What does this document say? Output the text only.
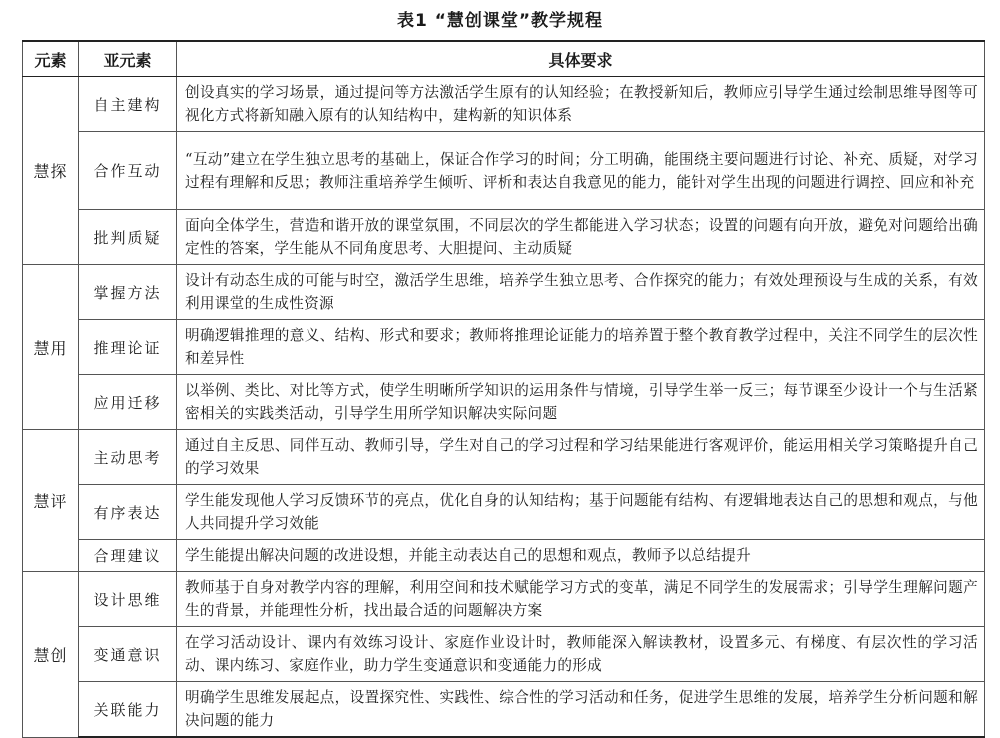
表1 “慧创课堂”教学规程
元素	亚元素	具体要求
慧探	自主建构	创设真实的学习场景，通过提问等方法激活学生原有的认知经验；在教授新知后，教师应引导学生通过绘制思维导图等可视化方式将新知融入原有的认知结构中，建构新的知识体系
	合作互动	“互动”建立在学生独立思考的基础上，保证合作学习的时间；分工明确，能围绕主要问题进行讨论、补充、质疑，对学习过程有理解和反思；教师注重培养学生倾听、评析和表达自我意见的能力，能针对学生出现的问题进行调控、回应和补充
	批判质疑	面向全体学生，营造和谐开放的课堂氛围，不同层次的学生都能进入学习状态；设置的问题有向开放，避免对问题给出确定性的答案，学生能从不同角度思考、大胆提问、主动质疑
慧用	掌握方法	设计有动态生成的可能与时空，激活学生思维，培养学生独立思考、合作探究的能力；有效处理预设与生成的关系，有效利用课堂的生成性资源
	推理论证	明确逻辑推理的意义、结构、形式和要求；教师将推理论证能力的培养置于整个教育教学过程中，关注不同学生的层次性和差异性
	应用迁移	以举例、类比、对比等方式，使学生明晰所学知识的运用条件与情境，引导学生举一反三；每节课至少设计一个与生活紧密相关的实践类活动，引导学生用所学知识解决实际问题
慧评	主动思考	通过自主反思、同伴互动、教师引导，学生对自己的学习过程和学习结果能进行客观评价，能运用相关学习策略提升自己的学习效果
	有序表达	学生能发现他人学习反馈环节的亮点，优化自身的认知结构；基于问题能有结构、有逻辑地表达自己的思想和观点，与他人共同提升学习效能
	合理建议	学生能提出解决问题的改进设想，并能主动表达自己的思想和观点，教师予以总结提升
慧创	设计思维	教师基于自身对教学内容的理解，利用空间和技术赋能学习方式的变革，满足不同学生的发展需求；引导学生理解问题产生的背景，并能理性分析，找出最合适的问题解决方案
	变通意识	在学习活动设计、课内有效练习设计、家庭作业设计时，教师能深入解读教材，设置多元、有梯度、有层次性的学习活动、课内练习、家庭作业，助力学生变通意识和变通能力的形成
	关联能力	明确学生思维发展起点，设置探究性、实践性、综合性的学习活动和任务，促进学生思维的发展，培养学生分析问题和解决问题的能力
